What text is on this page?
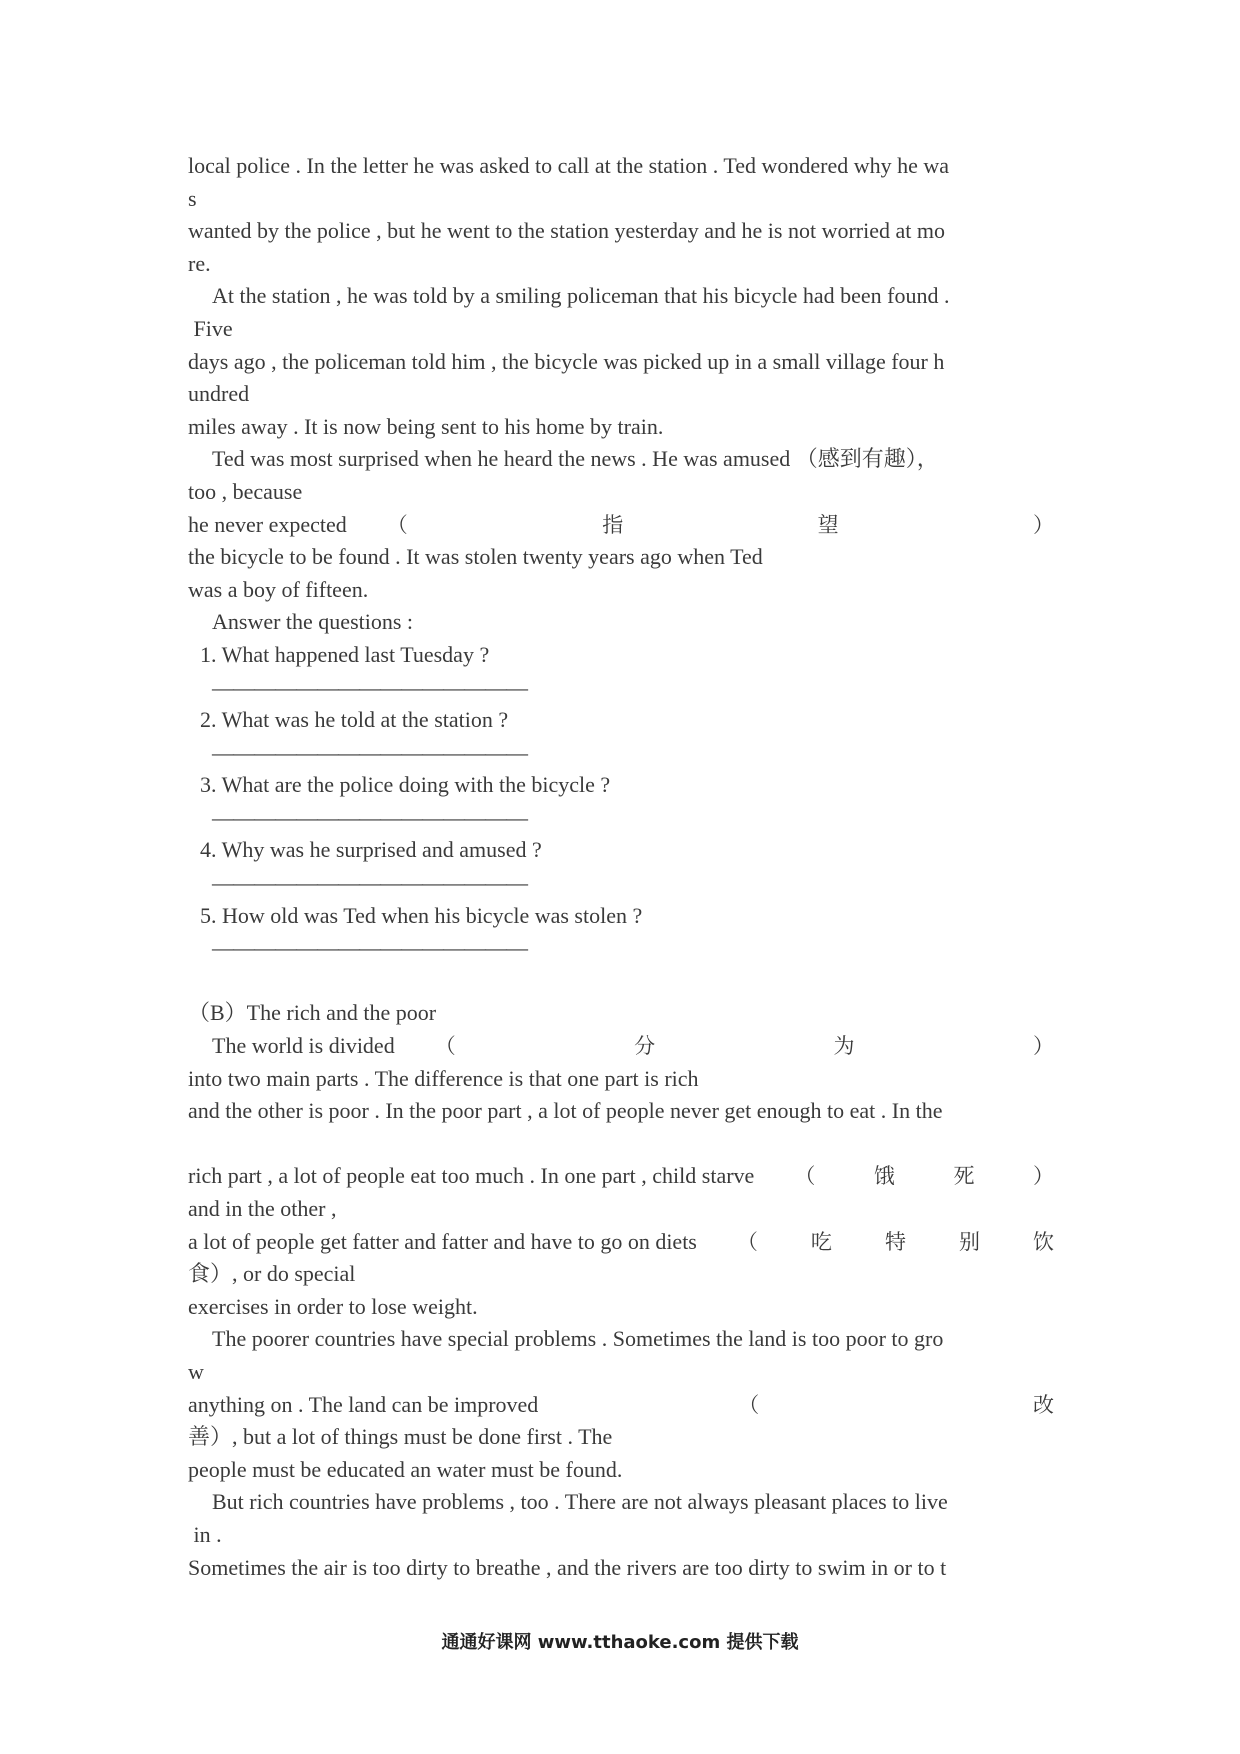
local police . In the letter he was asked to call at the station . Ted wondered why he wa
s
wanted by the police , but he went to the station yesterday and he is not worried at mo
re.
At the station , he was told by a smiling policeman that his bicycle had been found .
Five
days ago , the policeman told him , the bicycle was picked up in a small village four h
undred
miles away . It is now being sent to his home by train.
Ted was most surprised when he heard the news . He was amused （感到有趣），
too , because
he never expected （	指	望	）
the bicycle to be found . It was stolen twenty years ago when Ted
was a boy of fifteen.
Answer the questions :
1. What happened last Tuesday ?
———————————————
2. What was he told at the station ?
———————————————
3. What are the police doing with the bicycle ?
———————————————
4. Why was he surprised and amused ?
———————————————
5. How old was Ted when his bicycle was stolen ?
———————————————
（B）The rich and the poor
The world is divided （	分	为	）
into two main parts . The difference is that one part is rich
and the other is poor . In the poor part , a lot of people never get enough to eat . In the
rich part , a lot of people eat too much . In one part , child starve （	饿	死	）
and in the other ,
a lot of people get fatter and fatter and have to go on diets （	吃	特	别	饮
食）, or do special
exercises in order to lose weight.
The poorer countries have special problems . Sometimes the land is too poor to gro
w
anything on . The land can be improved	（	改
善）, but a lot of things must be done first . The
people must be educated an water must be found.
But rich countries have problems , too . There are not always pleasant places to live
in .
Sometimes the air is too dirty to breathe , and the rivers are too dirty to swim in or to t
通通好课网 www.tthaoke.com 提供下载
